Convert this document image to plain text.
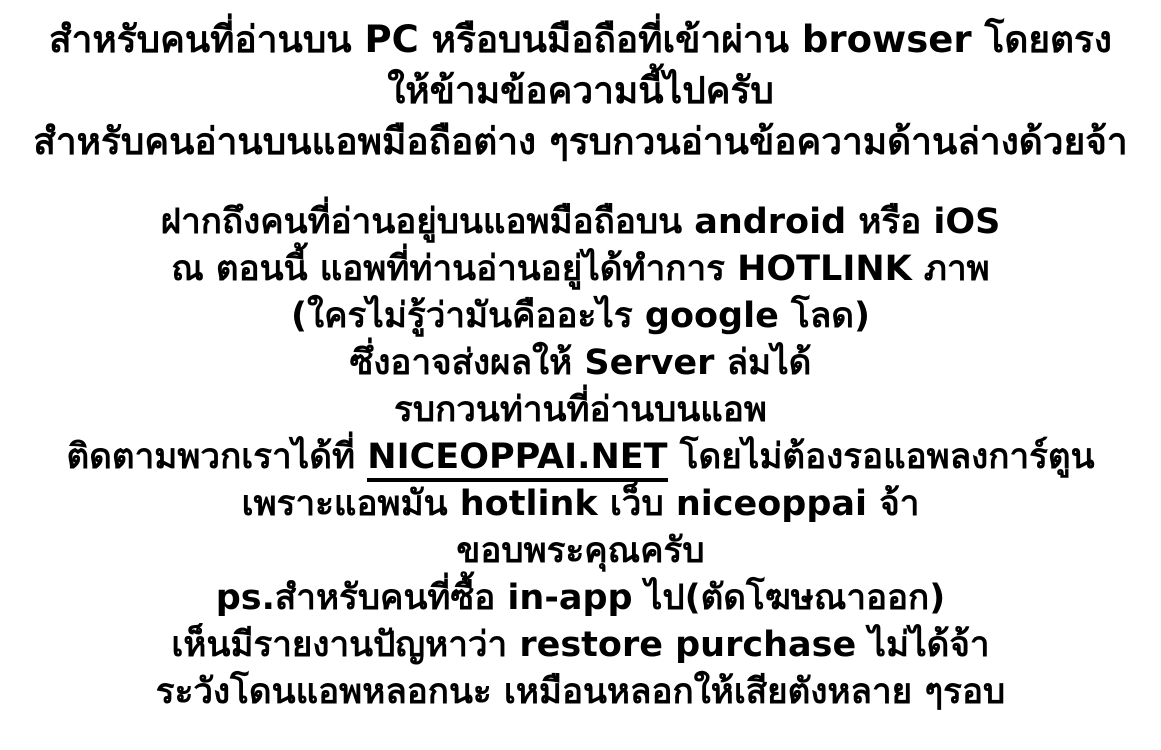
สำหรับคนที่อ่านบน PC หรือบนมือถือที่เข้าผ่าน browser โดยตรง

ให้ข้ามข้อความนี้ไปครับ

สำหรับคนอ่านบนแอพมือถือต่าง ๆรบกวนอ่านข้อความด้านล่างด้วยจ้า

ฝากถึงคนที่อ่านอยู่บนแอพมือถือบน android หรือ iOS

ณ ตอนนี้ แอพที่ท่านอ่านอยู่ได้ทำการ HOTLINK ภาพ

(ใครไม่รู้ว่ามันคืออะไร google โลด)

ซึ่งอาจส่งผลให้ Server ล่มได้

รบกวนท่านที่อ่านบนแอพ

ติดตามพวกเราได้ที่ NICEOPPAI.NET โดยไม่ต้องรอแอพลงการ์ตูน

เพราะแอพมัน hotlink เว็บ niceoppai จ้า

ขอบพระคุณครับ

ps.สำหรับคนที่ซื้อ in-app ไป(ตัดโฆษณาออก)

เห็นมีรายงานปัญหาว่า restore purchase ไม่ได้จ้า

ระวังโดนแอพหลอกนะ เหมือนหลอกให้เสียตังหลาย ๆรอบ
